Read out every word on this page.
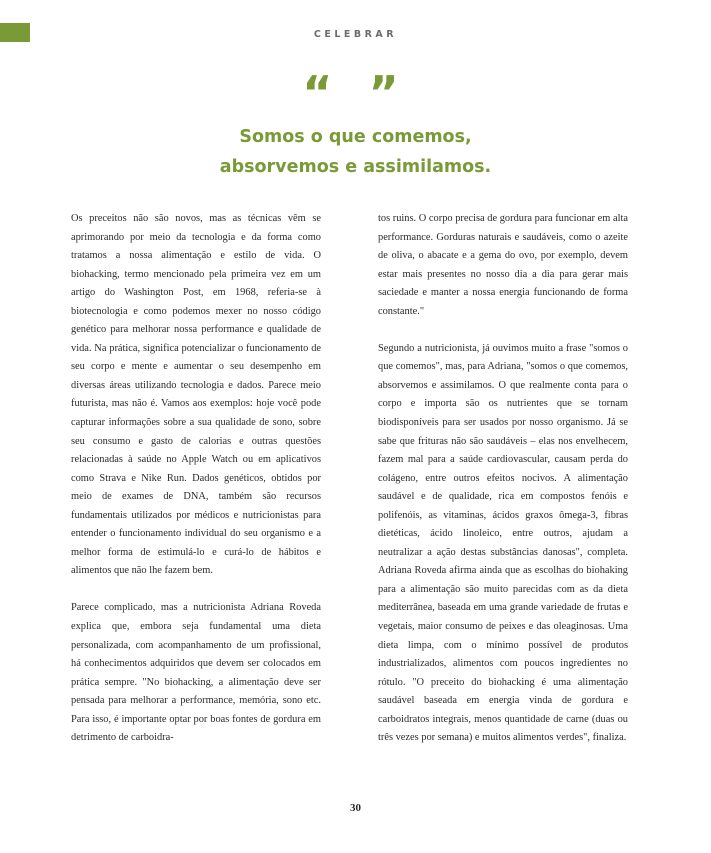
CELEBRAR
“ ”
Somos o que comemos,
absorvemos e assimilamos.

Os preceitos não são novos, mas as técnicas vêm se aprimorando por meio da tecnologia e da forma como tratamos a nossa alimentação e estilo de vida. O biohacking, termo mencionado pela primeira vez em um artigo do Washington Post, em 1968, referia-se à biotecnologia e como podemos mexer no nosso código genético para melhorar nossa performance e qualidade de vida. Na prática, significa potencializar o funcionamento de seu corpo e mente e aumentar o seu desempenho em diversas áreas utilizando tecnologia e dados. Parece meio futurista, mas não é. Vamos aos exemplos: hoje você pode capturar informações sobre a sua qualidade de sono, sobre seu consumo e gasto de calorias e outras questões relacionadas à saúde no Apple Watch ou em aplicativos como Strava e Nike Run. Dados genéticos, obtidos por meio de exames de DNA, também são recursos fundamentais utilizados por médicos e nutricionistas para entender o funcionamento individual do seu organismo e a melhor forma de estimulá-lo e curá-lo de hábitos e alimentos que não lhe fazem bem.

Parece complicado, mas a nutricionista Adriana Roveda explica que, embora seja fundamental uma dieta personalizada, com acompanhamento de um profissional, há conhecimentos adquiridos que devem ser colocados em prática sempre. "No biohacking, a alimentação deve ser pensada para melhorar a performance, memória, sono etc. Para isso, é importante optar por boas fontes de gordura em detrimento de carboidra-

tos ruins. O corpo precisa de gordura para funcionar em alta performance. Gorduras naturais e saudáveis, como o azeite de oliva, o abacate e a gema do ovo, por exemplo, devem estar mais presentes no nosso dia a dia para gerar mais saciedade e manter a nossa energia funcionando de forma constante."

Segundo a nutricionista, já ouvimos muito a frase "somos o que comemos", mas, para Adriana, "somos o que comemos, absorvemos e assimilamos. O que realmente conta para o corpo e importa são os nutrientes que se tornam biodisponíveis para ser usados por nosso organismo. Já se sabe que frituras não são saudáveis – elas nos envelhecem, fazem mal para a saúde cardiovascular, causam perda do colágeno, entre outros efeitos nocivos. A alimentação saudável e de qualidade, rica em compostos fenóis e polifenóis, as vitaminas, ácidos graxos ômega-3, fibras dietéticas, ácido linoleico, entre outros, ajudam a neutralizar a ação destas substâncias danosas", completa. Adriana Roveda afirma ainda que as escolhas do biohaking para a alimentação são muito parecidas com as da dieta mediterrânea, baseada em uma grande variedade de frutas e vegetais, maior consumo de peixes e das oleaginosas. Uma dieta limpa, com o mínimo possível de produtos industrializados, alimentos com poucos ingredientes no rótulo. "O preceito do biohacking é uma alimentação saudável baseada em energia vinda de gordura e carboidratos integrais, menos quantidade de carne (duas ou três vezes por semana) e muitos alimentos verdes", finaliza.

30
